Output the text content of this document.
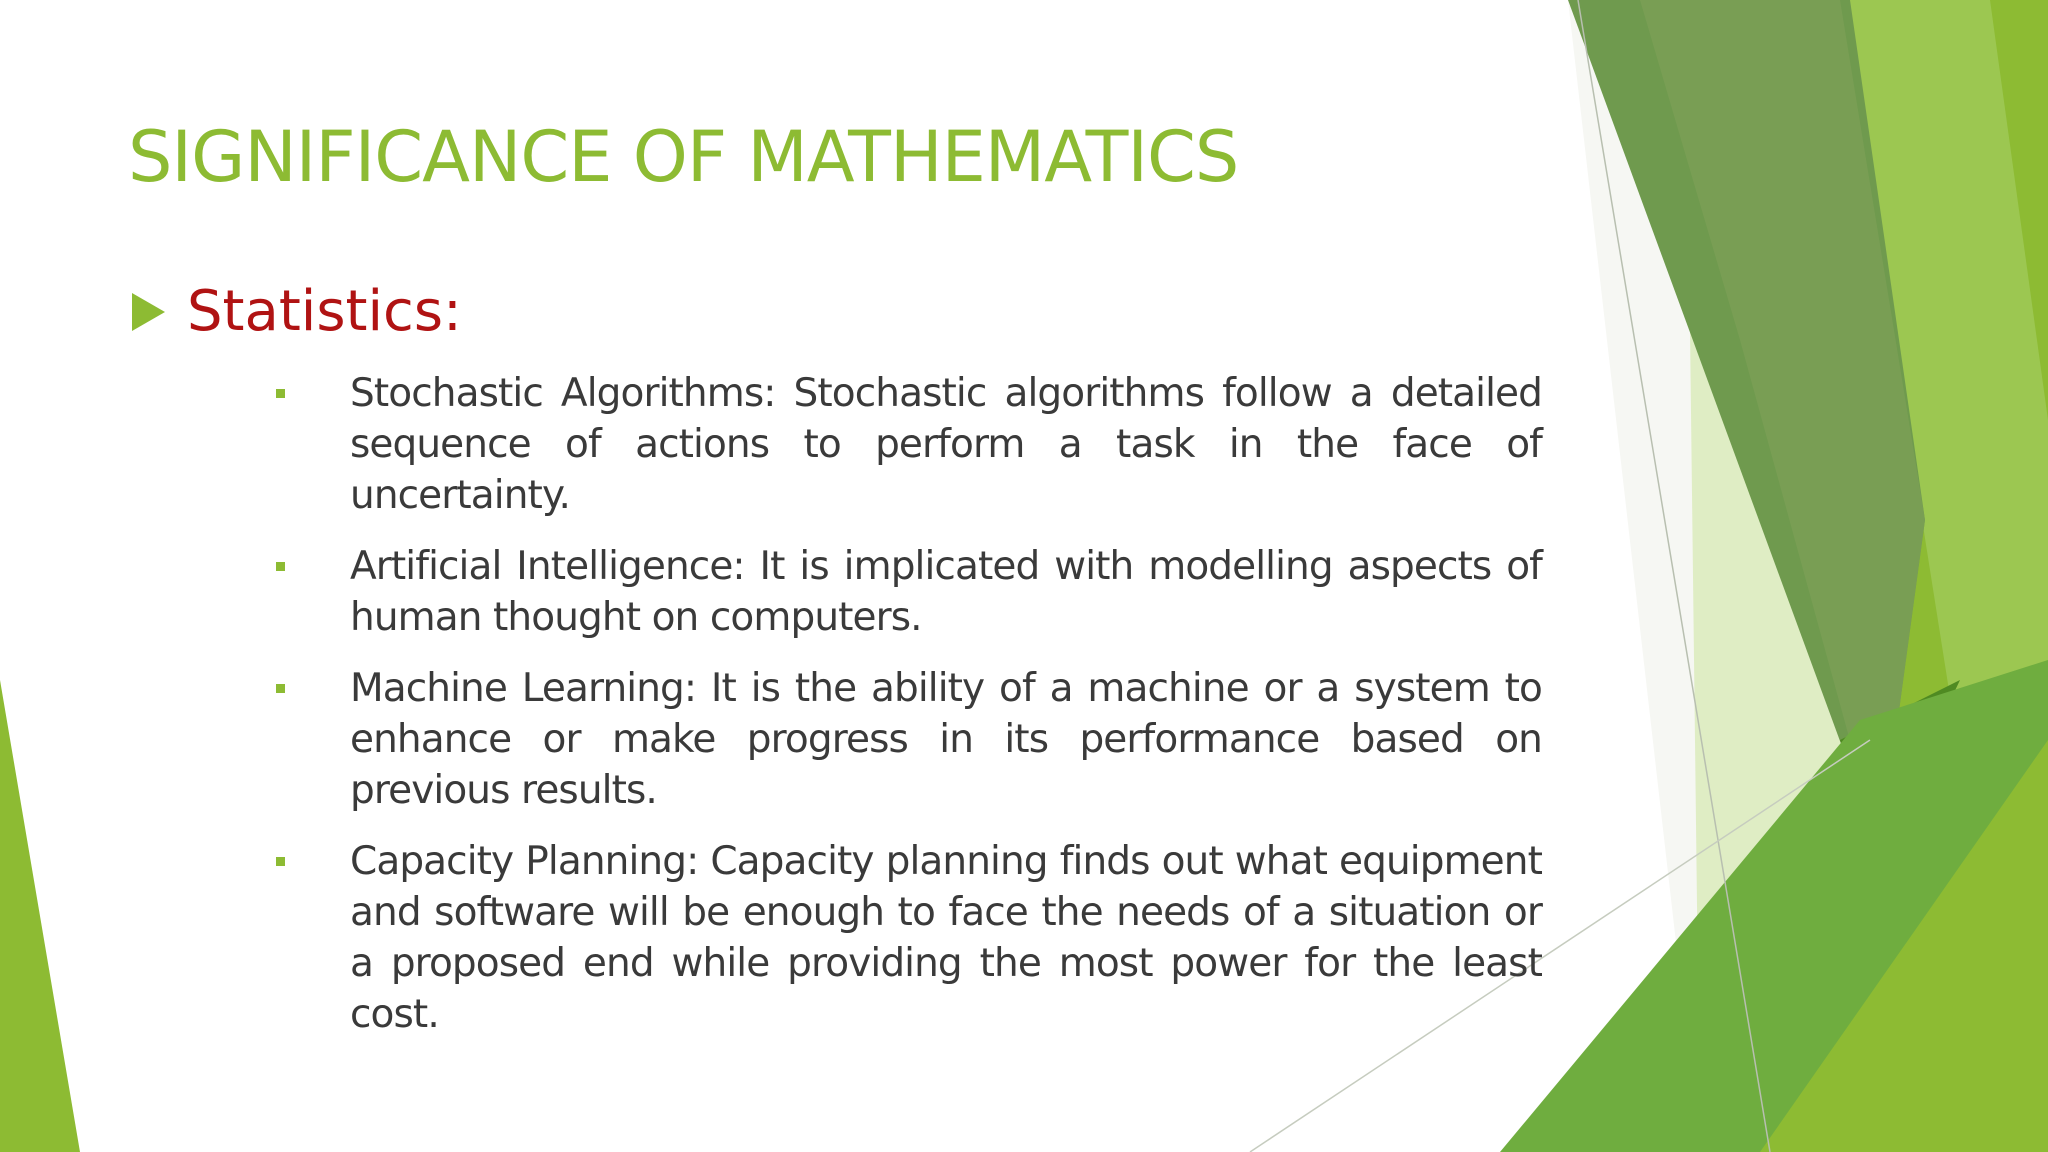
SIGNIFICANCE OF MATHEMATICS
Statistics:
Stochastic Algorithms: Stochastic algorithms follow a detailed sequence of actions to perform a task in the face of uncertainty.
Artificial Intelligence: It is implicated with modelling aspects of human thought on computers.
Machine Learning: It is the ability of a machine or a system to enhance or make progress in its performance based on previous results.
Capacity Planning: Capacity planning finds out what equipment and software will be enough to face the needs of a situation or a proposed end while providing the most power for the least cost.
